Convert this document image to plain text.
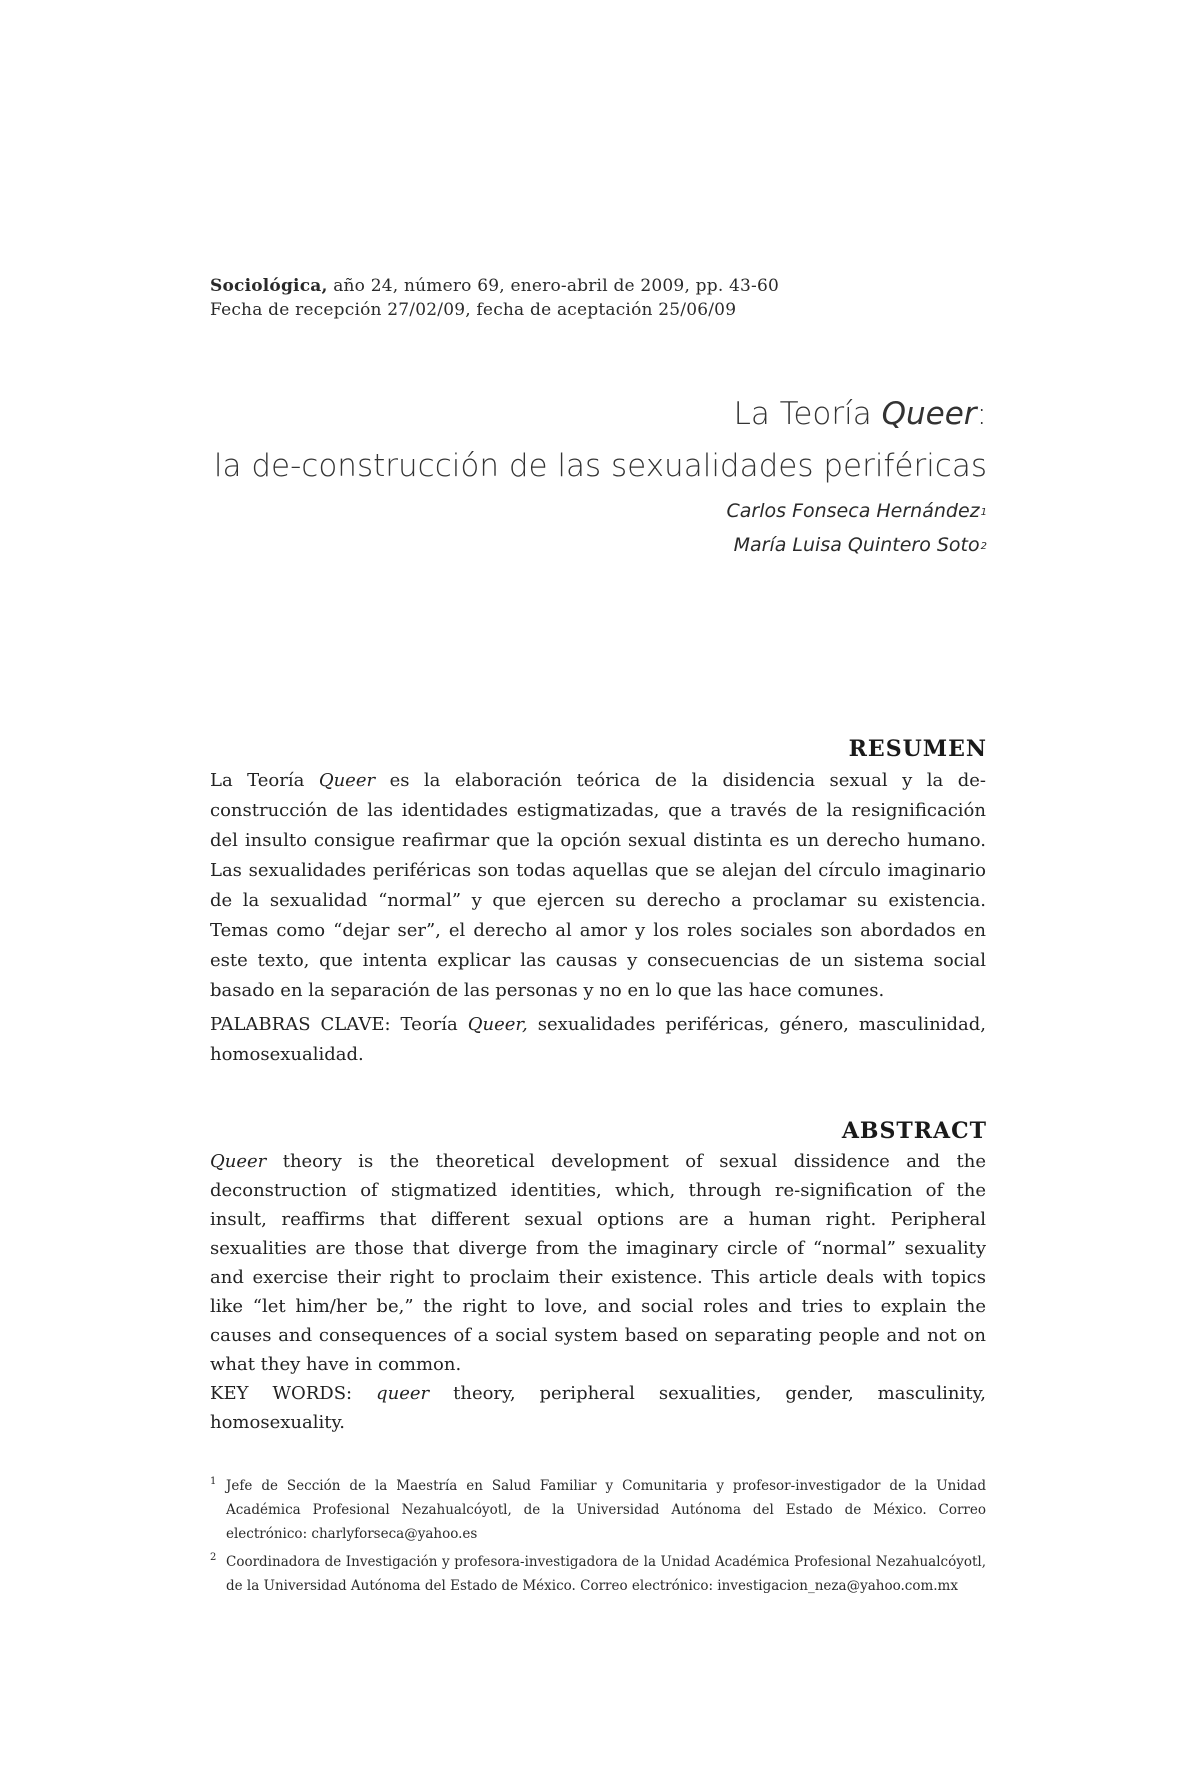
Sociológica, año 24, número 69, enero-abril de 2009, pp. 43-60
Fecha de recepción 27/02/09, fecha de aceptación 25/06/09
La Teoría Queer:
la de-construcción de las sexualidades periféricas
Carlos Fonseca Hernández$^1$
María Luisa Quintero Soto$^2$
RESUMEN

La Teoría Queer es la elaboración teórica de la disidencia sexual y la de-construcción de las identidades estigmatizadas, que a través de la resignificación del insulto consigue reafirmar que la opción sexual distinta es un derecho humano. Las sexualidades periféricas son todas aquellas que se alejan del círculo imaginario de la sexualidad “normal” y que ejercen su derecho a proclamar su existencia. Temas como “dejar ser”, el derecho al amor y los roles sociales son abordados en este texto, que intenta explicar las causas y consecuencias de un sistema social basado en la separación de las personas y no en lo que las hace comunes.

PALABRAS CLAVE: Teoría Queer, sexualidades periféricas, género, masculinidad, homosexualidad.

ABSTRACT

Queer theory is the theoretical development of sexual dissidence and the deconstruction of stigmatized identities, which, through re-signification of the insult, reaffirms that different sexual options are a human right. Peripheral sexualities are those that diverge from the imaginary circle of “normal” sexuality and exercise their right to proclaim their existence. This article deals with topics like “let him/her be,” the right to love, and social roles and tries to explain the causes and consequences of a social system based on separating people and not on what they have in common.

KEY WORDS: queer theory, peripheral sexualities, gender, masculinity, homosexuality.

1 Jefe de Sección de la Maestría en Salud Familiar y Comunitaria y profesor-investigador de la Unidad Académica Profesional Nezahualcóyotl, de la Universidad Autónoma del Estado de México. Correo electrónico: charlyforseca@yahoo.es
2 Coordinadora de Investigación y profesora-investigadora de la Unidad Académica Profesional Nezahualcóyotl, de la Universidad Autónoma del Estado de México. Correo electrónico: investigacion_neza@yahoo.com.mx
